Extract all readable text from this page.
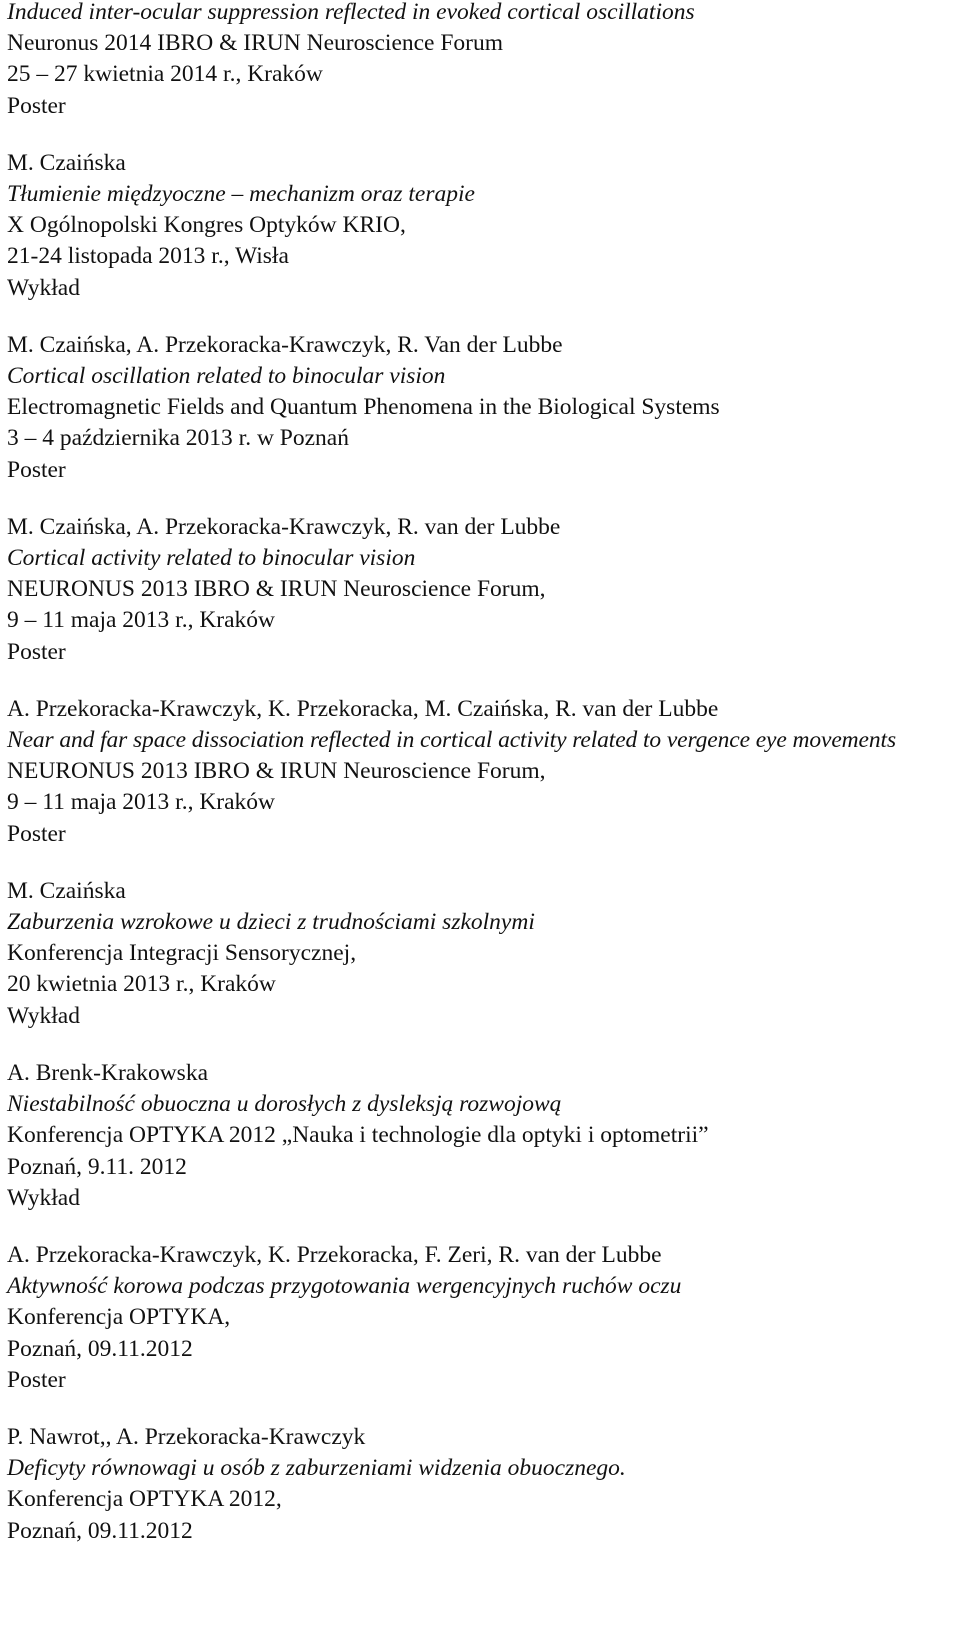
Induced inter-ocular suppression reflected in evoked cortical oscillations
Neuronus 2014 IBRO & IRUN Neuroscience Forum
25 – 27 kwietnia 2014 r., Kraków
Poster
M. Czaińska
Tłumienie międzyoczne – mechanizm oraz terapie
X Ogólnopolski Kongres Optyków KRIO,
21-24 listopada 2013 r., Wisła
Wykład
M. Czaińska, A. Przekoracka-Krawczyk, R. Van der Lubbe
Cortical oscillation related to binocular vision
Electromagnetic Fields and Quantum Phenomena in the Biological Systems
3 – 4 października 2013 r. w Poznań
Poster
M. Czaińska, A. Przekoracka-Krawczyk, R. van der Lubbe
Cortical activity related to binocular vision
NEURONUS 2013 IBRO & IRUN Neuroscience Forum,
9 – 11 maja 2013 r., Kraków
Poster
A. Przekoracka-Krawczyk, K. Przekoracka, M. Czaińska, R. van der Lubbe
Near and far space dissociation reflected in cortical activity related to vergence eye movements
NEURONUS 2013 IBRO & IRUN Neuroscience Forum,
9 – 11 maja 2013 r., Kraków
Poster
M. Czaińska
Zaburzenia wzrokowe u dzieci z trudnościami szkolnymi
Konferencja Integracji Sensorycznej,
20 kwietnia 2013 r., Kraków
Wykład
A. Brenk-Krakowska
Niestabilność obuoczna u dorosłych z dysleksją rozwojową
Konferencja OPTYKA 2012 „Nauka i technologie dla optyki i optometrii”
Poznań, 9.11. 2012
Wykład
A. Przekoracka-Krawczyk, K. Przekoracka, F. Zeri, R. van der Lubbe
Aktywność korowa podczas przygotowania wergencyjnych ruchów oczu
Konferencja OPTYKA,
Poznań, 09.11.2012
Poster
P. Nawrot,, A. Przekoracka-Krawczyk
Deficyty równowagi u osób z zaburzeniami widzenia obuocznego.
Konferencja OPTYKA 2012,
Poznań, 09.11.2012
